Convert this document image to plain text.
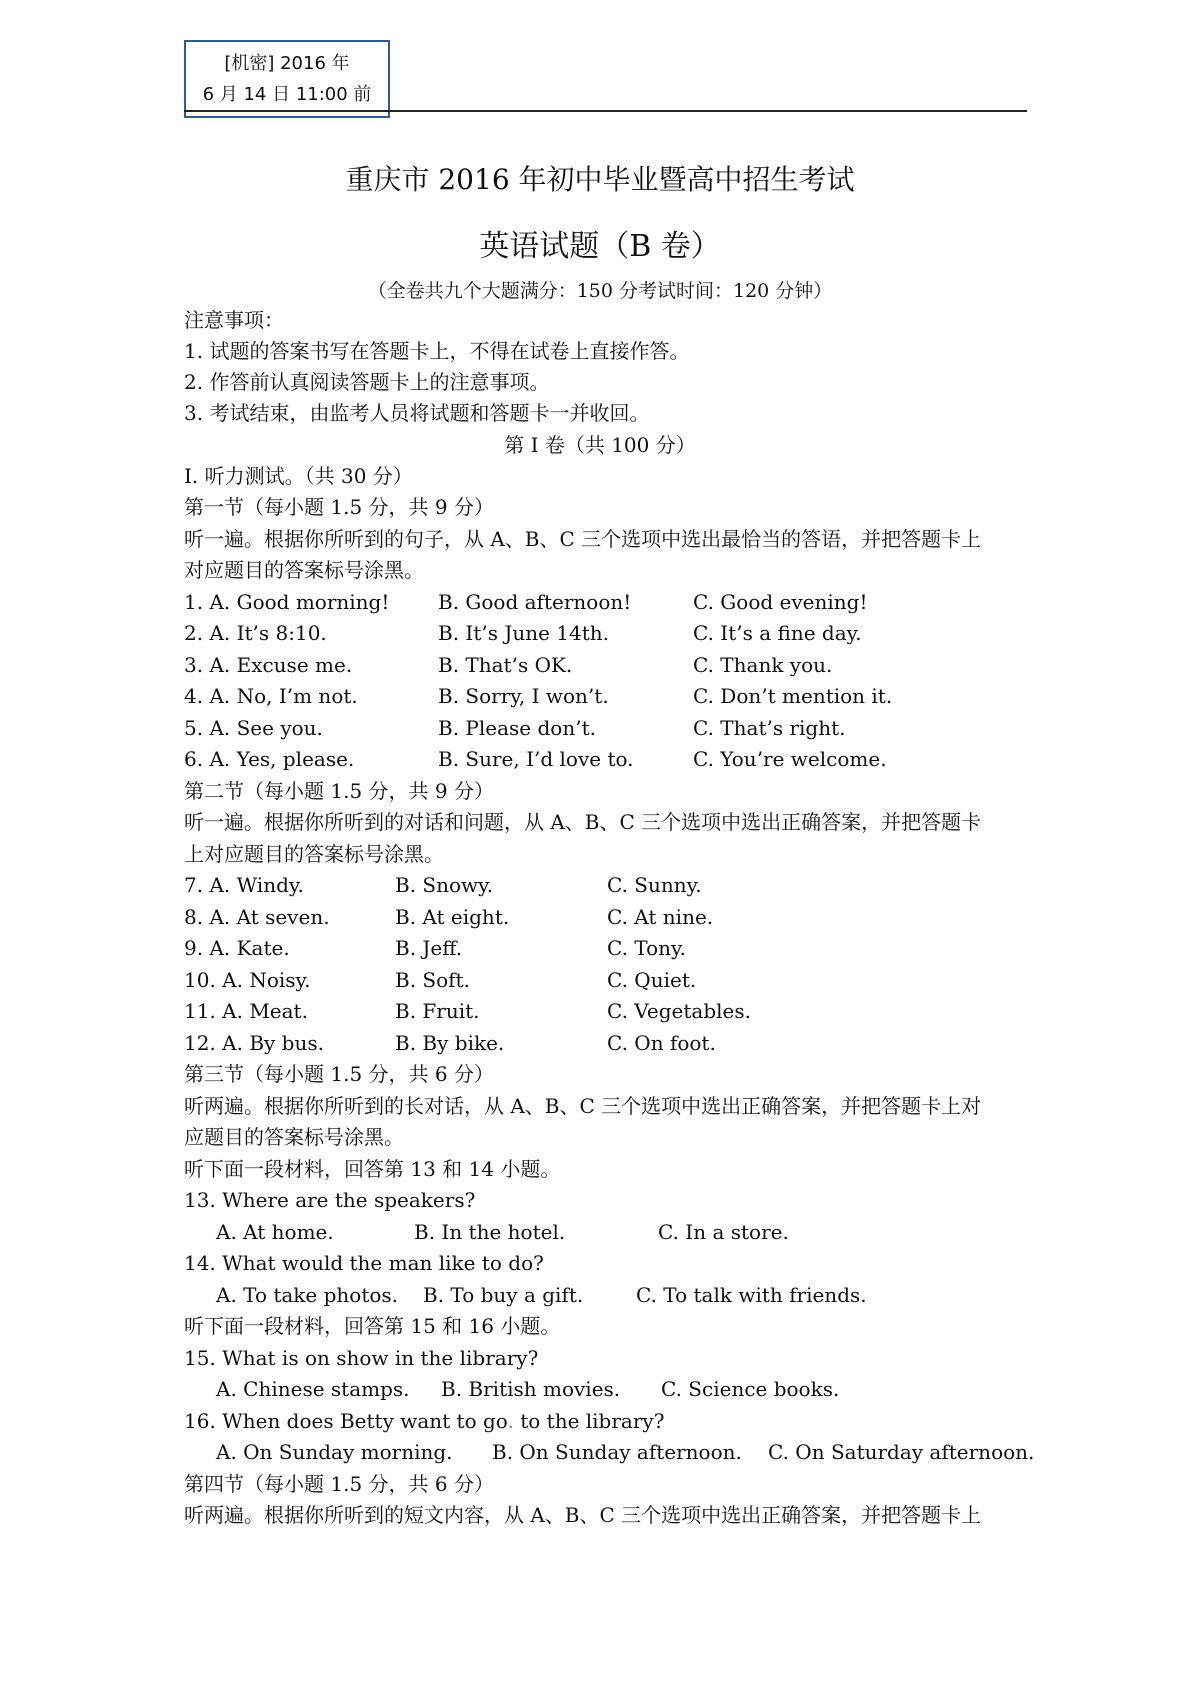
[机密] 2016 年
6 月 14 日 11:00 前
重庆市 2016 年初中毕业暨高中招生考试
英语试题（B 卷）
（全卷共九个大题满分：150 分考试时间：120 分钟）
注意事项：
1. 试题的答案书写在答题卡上，不得在试卷上直接作答。
2. 作答前认真阅读答题卡上的注意事项。
3. 考试结束，由监考人员将试题和答题卡一并收回。
第 I 卷（共 100 分）
I. 听力测试。（共 30 分）
第一节（每小题 1.5 分，共 9 分）
听一遍。根据你所听到的句子，从 A、B、C 三个选项中选出最恰当的答语，并把答题卡上
对应题目的答案标号涂黑。
1. A. Good morning! B. Good afternoon!	C. Good evening!
2. A. It’s 8:10.	B. It’s June 14th.	C. It’s a fine day.
3. A. Excuse me.	B. That’s OK.	C. Thank you.
4. A. No, I’m not.	B. Sorry, I won’t.	C. Don’t mention it.
5. A. See you.	B. Please don’t.	C. That’s right.
6. A. Yes, please.	B. Sure, I’d love to.	C. You’re welcome.
第二节（每小题 1.5 分，共 9 分）
听一遍。根据你所听到的对话和问题，从 A、B、C 三个选项中选出正确答案，并把答题卡
上对应题目的答案标号涂黑。
7. A. Windy.	B. Snowy.	C. Sunny.
8. A. At seven.	B. At eight.	C. At nine.
9. A. Kate.	B. Jeff.	C. Tony.
10. A. Noisy.	B. Soft.	C. Quiet.
11. A. Meat.	B. Fruit.	C. Vegetables.
12. A. By bus.	B. By bike.	C. On foot.
第三节（每小题 1.5 分，共 6 分）
听两遍。根据你所听到的长对话，从 A、B、C 三个选项中选出正确答案，并把答题卡上对
应题目的答案标号涂黑。
听下面一段材料，回答第 13 和 14 小题。
13. Where are the speakers?
A. At home.	B. In the hotel.	C. In a store.
14. What would the man like to do?
A. To take photos. B. To buy a gift.	C. To talk with friends.
听下面一段材料，回答第 15 和 16 小题。
15. What is on show in the library?
A. Chinese stamps. B. British movies. C. Science books.
16. When does Betty want to go. to the library?
A. On Sunday morning. B. On Sunday afternoon. C. On Saturday afternoon.
第四节（每小题 1.5 分，共 6 分）
听两遍。根据你所听到的短文内容，从 A、B、C 三个选项中选出正确答案，并把答题卡上
